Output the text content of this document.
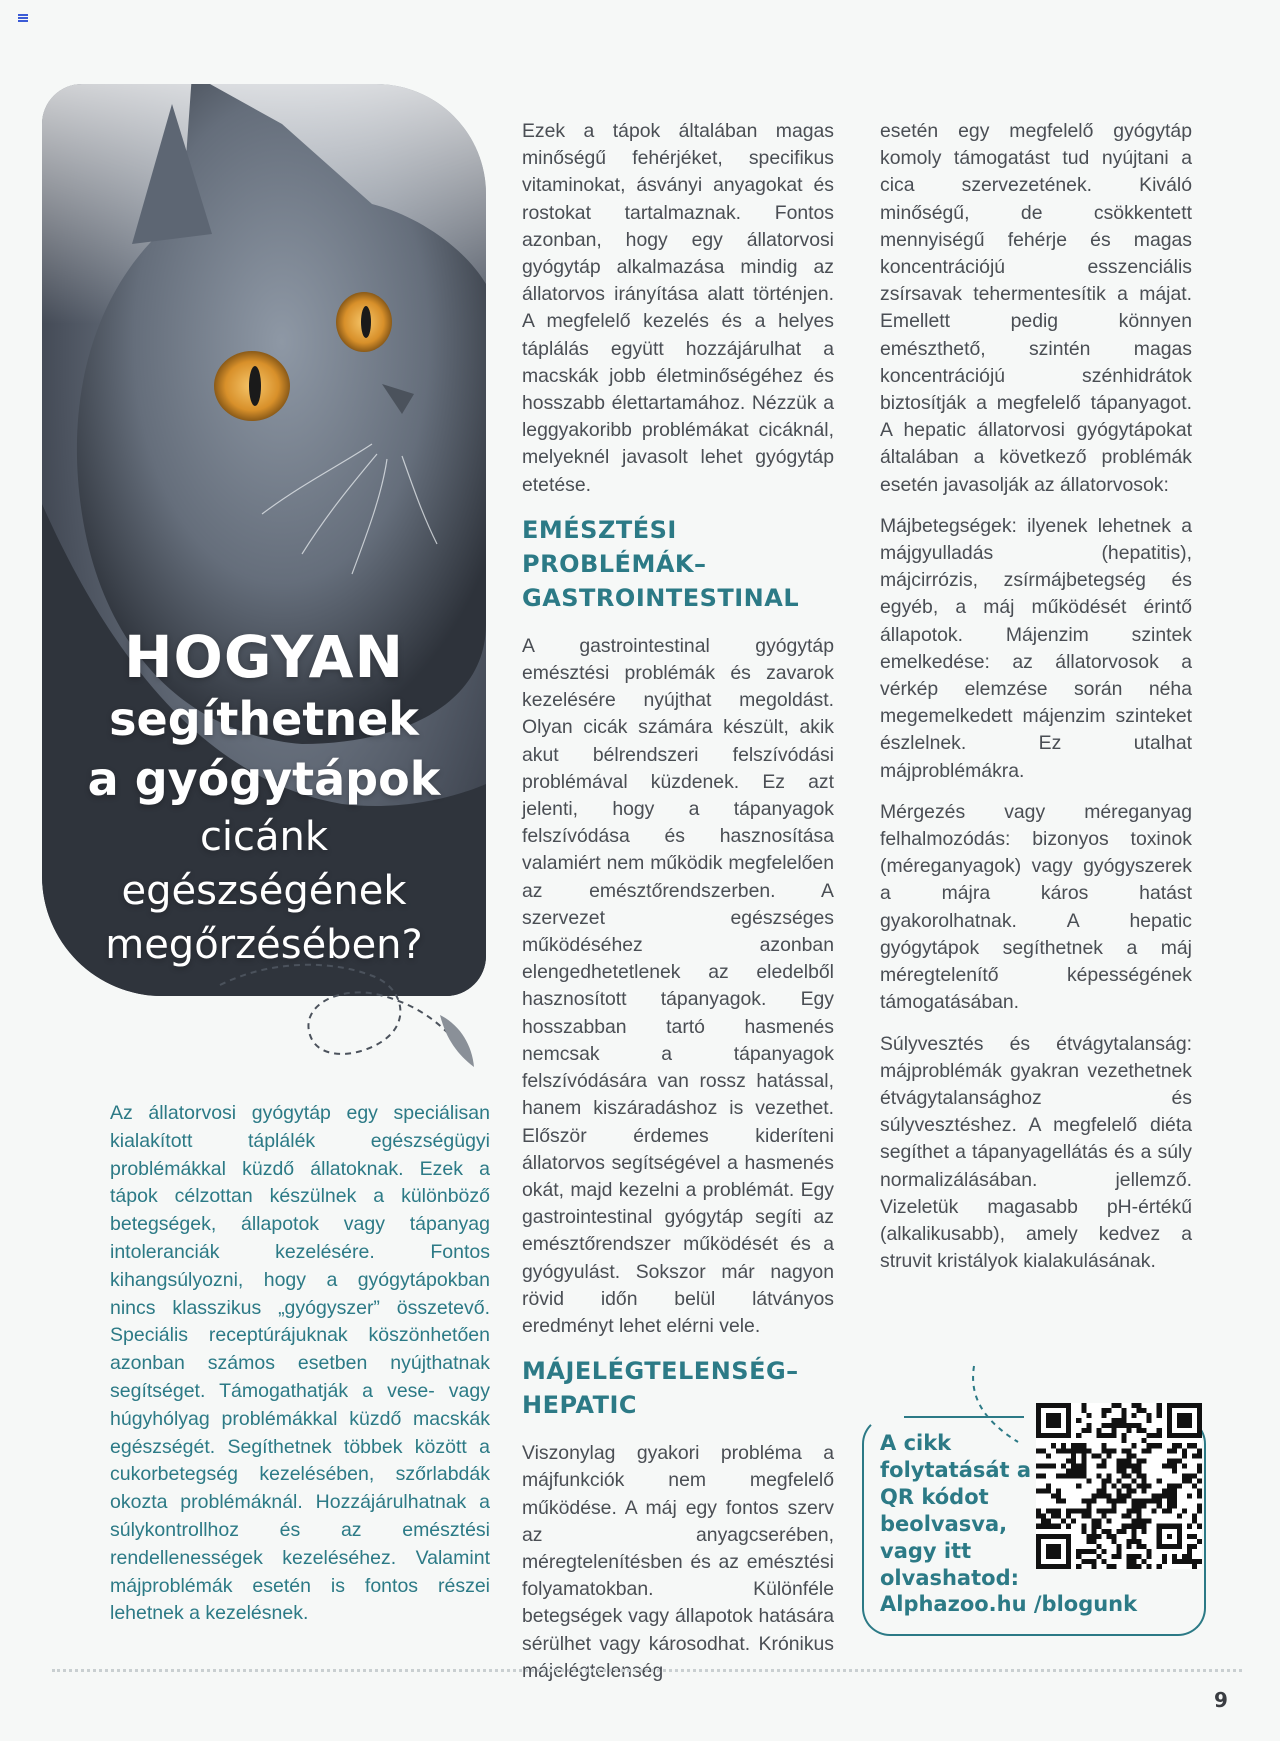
HOGYAN
segíthetnek
a gyógytápok
cicánk
egészségének
megőrzésében?
Az állatorvosi gyógytáp egy speciálisan kialakított táplálék egészségügyi problémákkal küzdő állatoknak. Ezek a tápok célzottan készülnek a különböző betegségek, állapotok vagy tápanyag intoleranciák kezelésére. Fontos kihangsúlyozni, hogy a gyógytápokban nincs klasszikus „gyógyszer” összetevő. Speciális receptúrájuknak köszönhetően azonban számos esetben nyújthatnak segítséget. Támogathatják a vese- vagy húgyhólyag problémákkal küzdő macskák egészségét. Segíthetnek többek között a cukorbetegség kezelésében, szőrlabdák okozta problémáknál. Hozzájárulhatnak a súlykontrollhoz és az emésztési rendellenességek kezeléséhez. Valamint májproblémák esetén is fontos részei lehetnek a kezelésnek.

Ezek a tápok általában magas minőségű fehérjéket, specifikus vitaminokat, ásványi anyagokat és rostokat tartalmaznak. Fontos azonban, hogy egy állatorvosi gyógytáp alkalmazása mindig az állatorvos irányítása alatt történjen. A megfelelő kezelés és a helyes táplálás együtt hozzájárulhat a macskák jobb életminőségéhez és hosszabb élettartamához. Nézzük a leggyakoribb problémákat cicáknál, melyeknél javasolt lehet gyógytáp etetése.

EMÉSZTÉSI PROBLÉMÁK– GASTROINTESTINAL

A gastrointestinal gyógytáp emésztési problémák és zavarok kezelésére nyújthat megoldást. Olyan cicák számára készült, akik akut bélrendszeri felszívódási problémával küzdenek. Ez azt jelenti, hogy a tápanyagok felszívódása és hasznosítása valamiért nem működik megfelelően az emésztőrendszerben. A szervezet egészséges működéséhez azonban elengedhetetlenek az eledelből hasznosított tápanyagok. Egy hosszabban tartó hasmenés nemcsak a tápanyagok felszívódására van rossz hatással, hanem kiszáradáshoz is vezethet. Először érdemes kideríteni állatorvos segítségével a hasmenés okát, majd kezelni a problémát. Egy gastrointestinal gyógytáp segíti az emésztőrendszer működését és a gyógyulást. Sokszor már nagyon rövid időn belül látványos eredményt lehet elérni vele.

MÁJELÉGTELENSÉG– HEPATIC

Viszonylag gyakori probléma a májfunkciók nem megfelelő működése. A máj egy fontos szerv az anyagcserében, méregtelenítésben és az emésztési folyamatokban. Különféle betegségek vagy állapotok hatására sérülhet vagy károsodhat. Krónikus májelégtelenség

esetén egy megfelelő gyógytáp komoly támogatást tud nyújtani a cica szervezetének. Kiváló minőségű, de csökkentett mennyiségű fehérje és magas koncentrációjú esszenciális zsírsavak tehermentesítik a májat. Emellett pedig könnyen emészthető, szintén magas koncentrációjú szénhidrátok biztosítják a megfelelő tápanyagot. A hepatic állatorvosi gyógytápokat általában a következő problémák esetén javasolják az állatorvosok:

Májbetegségek: ilyenek lehetnek a májgyulladás (hepatitis), májcirrózis, zsírmájbetegség és egyéb, a máj működését érintő állapotok. Májenzim szintek emelkedése: az állatorvosok a vérkép elemzése során néha megemelkedett májenzim szinteket észlelnek. Ez utalhat májproblémákra.

Mérgezés vagy méreganyag felhalmozódás: bizonyos toxinok (méreganyagok) vagy gyógyszerek a májra káros hatást gyakorolhatnak. A hepatic gyógytápok segíthetnek a máj méregtelenítő képességének támogatásában.

Súlyvesztés és étvágytalanság: májproblémák gyakran vezethetnek étvágytalansághoz és súlyvesztéshez. A megfelelő diéta segíthet a tápanyagellátás és a súly normalizálásában. jellemző. Vizeletük magasabb pH-értékű (alkalikusabb), amely kedvez a struvit kristályok kialakulásának.

A cikk folytatását a QR kódot beolvasva, vagy itt olvashatod:
Alphazoo.hu /blogunk
9
